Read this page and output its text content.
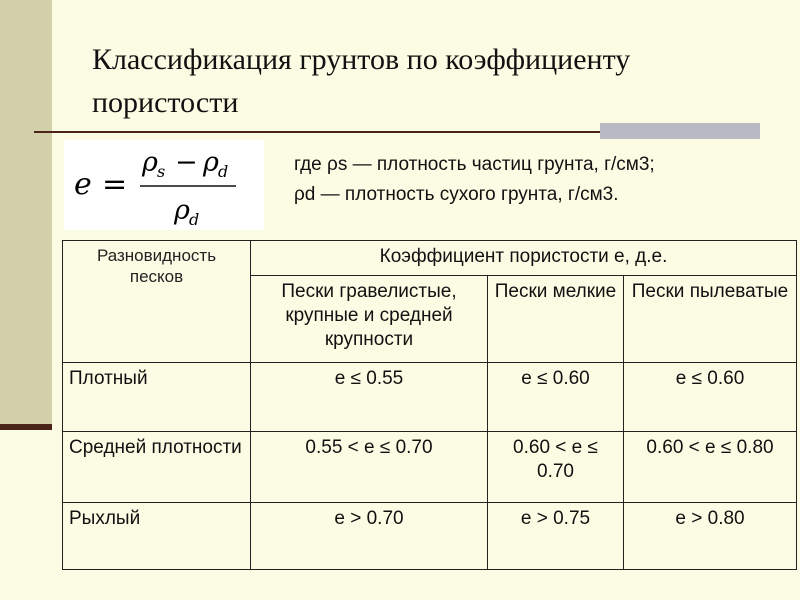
Классификация грунтов по коэффициенту пористости
e =
ρ s − ρ d
ρ d
где ρs — плотность частиц грунта, г/см3;
ρd — плотность сухого грунта, г/см3.
Разновидность песков	Коэффициент пористости e, д.е.		
	Пески гравелистые, крупные и средней крупности	Пески мелкие	Пески пылеватые
Плотный	e ≤ 0.55	e ≤ 0.60	e ≤ 0.60
Средней плотности	0.55 < e ≤ 0.70	0.60 < e ≤ 0.70	0.60 < e ≤ 0.80
Рыхлый	e > 0.70	e > 0.75	e > 0.80
